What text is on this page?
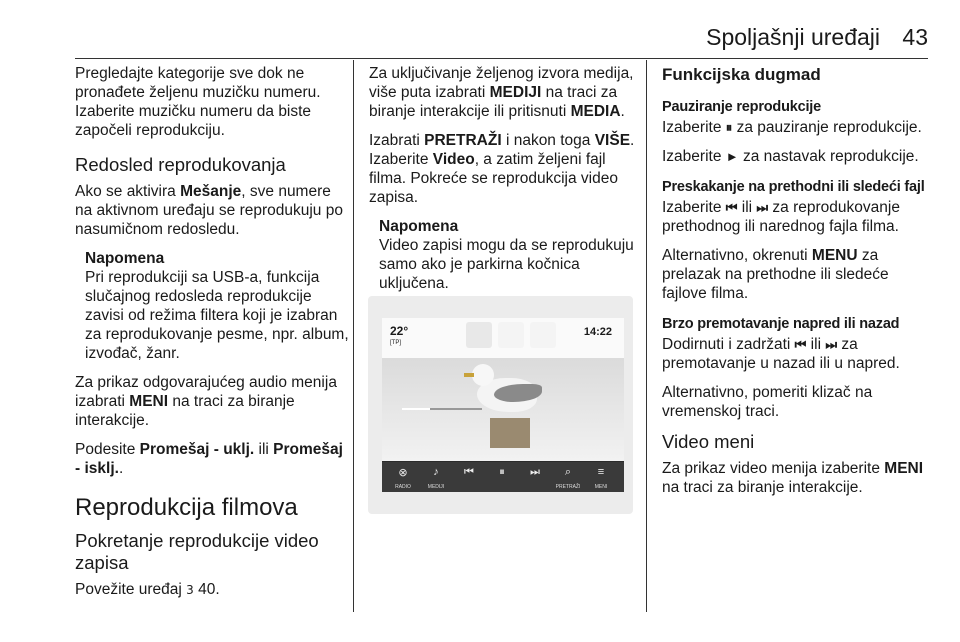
Spoljašnji uređaji 43

Pregledajte kategorije sve dok ne pronađete željenu muzičku numeru. Izaberite muzičku numeru da biste započeli reprodukciju.

Redosled reprodukovanja

Ako se aktivira Mešanje, sve numere na aktivnom uređaju se reprodukuju po nasumičnom redosledu.

Napomena
Pri reprodukciji sa USB-a, funkcija slučajnog redosleda reprodukcije zavisi od režima filtera koji je izabran za reprodukovanje pesme, npr. album, izvođač, žanr.

Za prikaz odgovarajućeg audio menija izabrati MENI na traci za biranje interakcije.

Podesite Promešaj - uklj. ili Promešaj - isklj..

Reprodukcija filmova
Pokretanje reprodukcije video zapisa

Povežite uređaj 3 40.

Za uključivanje željenog izvora medija, više puta izabrati MEDIJI na traci za biranje interakcije ili pritisnuti MEDIA.

Izabrati PRETRAŽI i nakon toga VIŠE. Izaberite Video, a zatim željeni fajl filma. Pokreće se reprodukcija video zapisa.

Napomena
Video zapisi mogu da se reprodukuju samo ako je parkirna kočnica uključena.
22°
[TP]
14:22
⊗
RADIO
♪
MEDIJI
⏮	⏸	⏭	⌕
PRETRAŽI
≡
MENI
Funkcijska dugmad
Pauziranje reprodukcije

Izaberite ⏸ za pauziranje reprodukcije.

Izaberite ► za nastavak reprodukcije.

Preskakanje na prethodni ili sledeći fajl

Izaberite ⏮ ili ⏭ za reprodukovanje prethodnog ili narednog fajla filma.

Alternativno, okrenuti MENU za prelazak na prethodne ili sledeće fajlove filma.

Brzo premotavanje napred ili nazad

Dodirnuti i zadržati ⏮ ili ⏭ za premotavanje u nazad ili u napred.

Alternativno, pomeriti klizač na vremenskoj traci.

Video meni

Za prikaz video menija izaberite MENI na traci za biranje interakcije.
